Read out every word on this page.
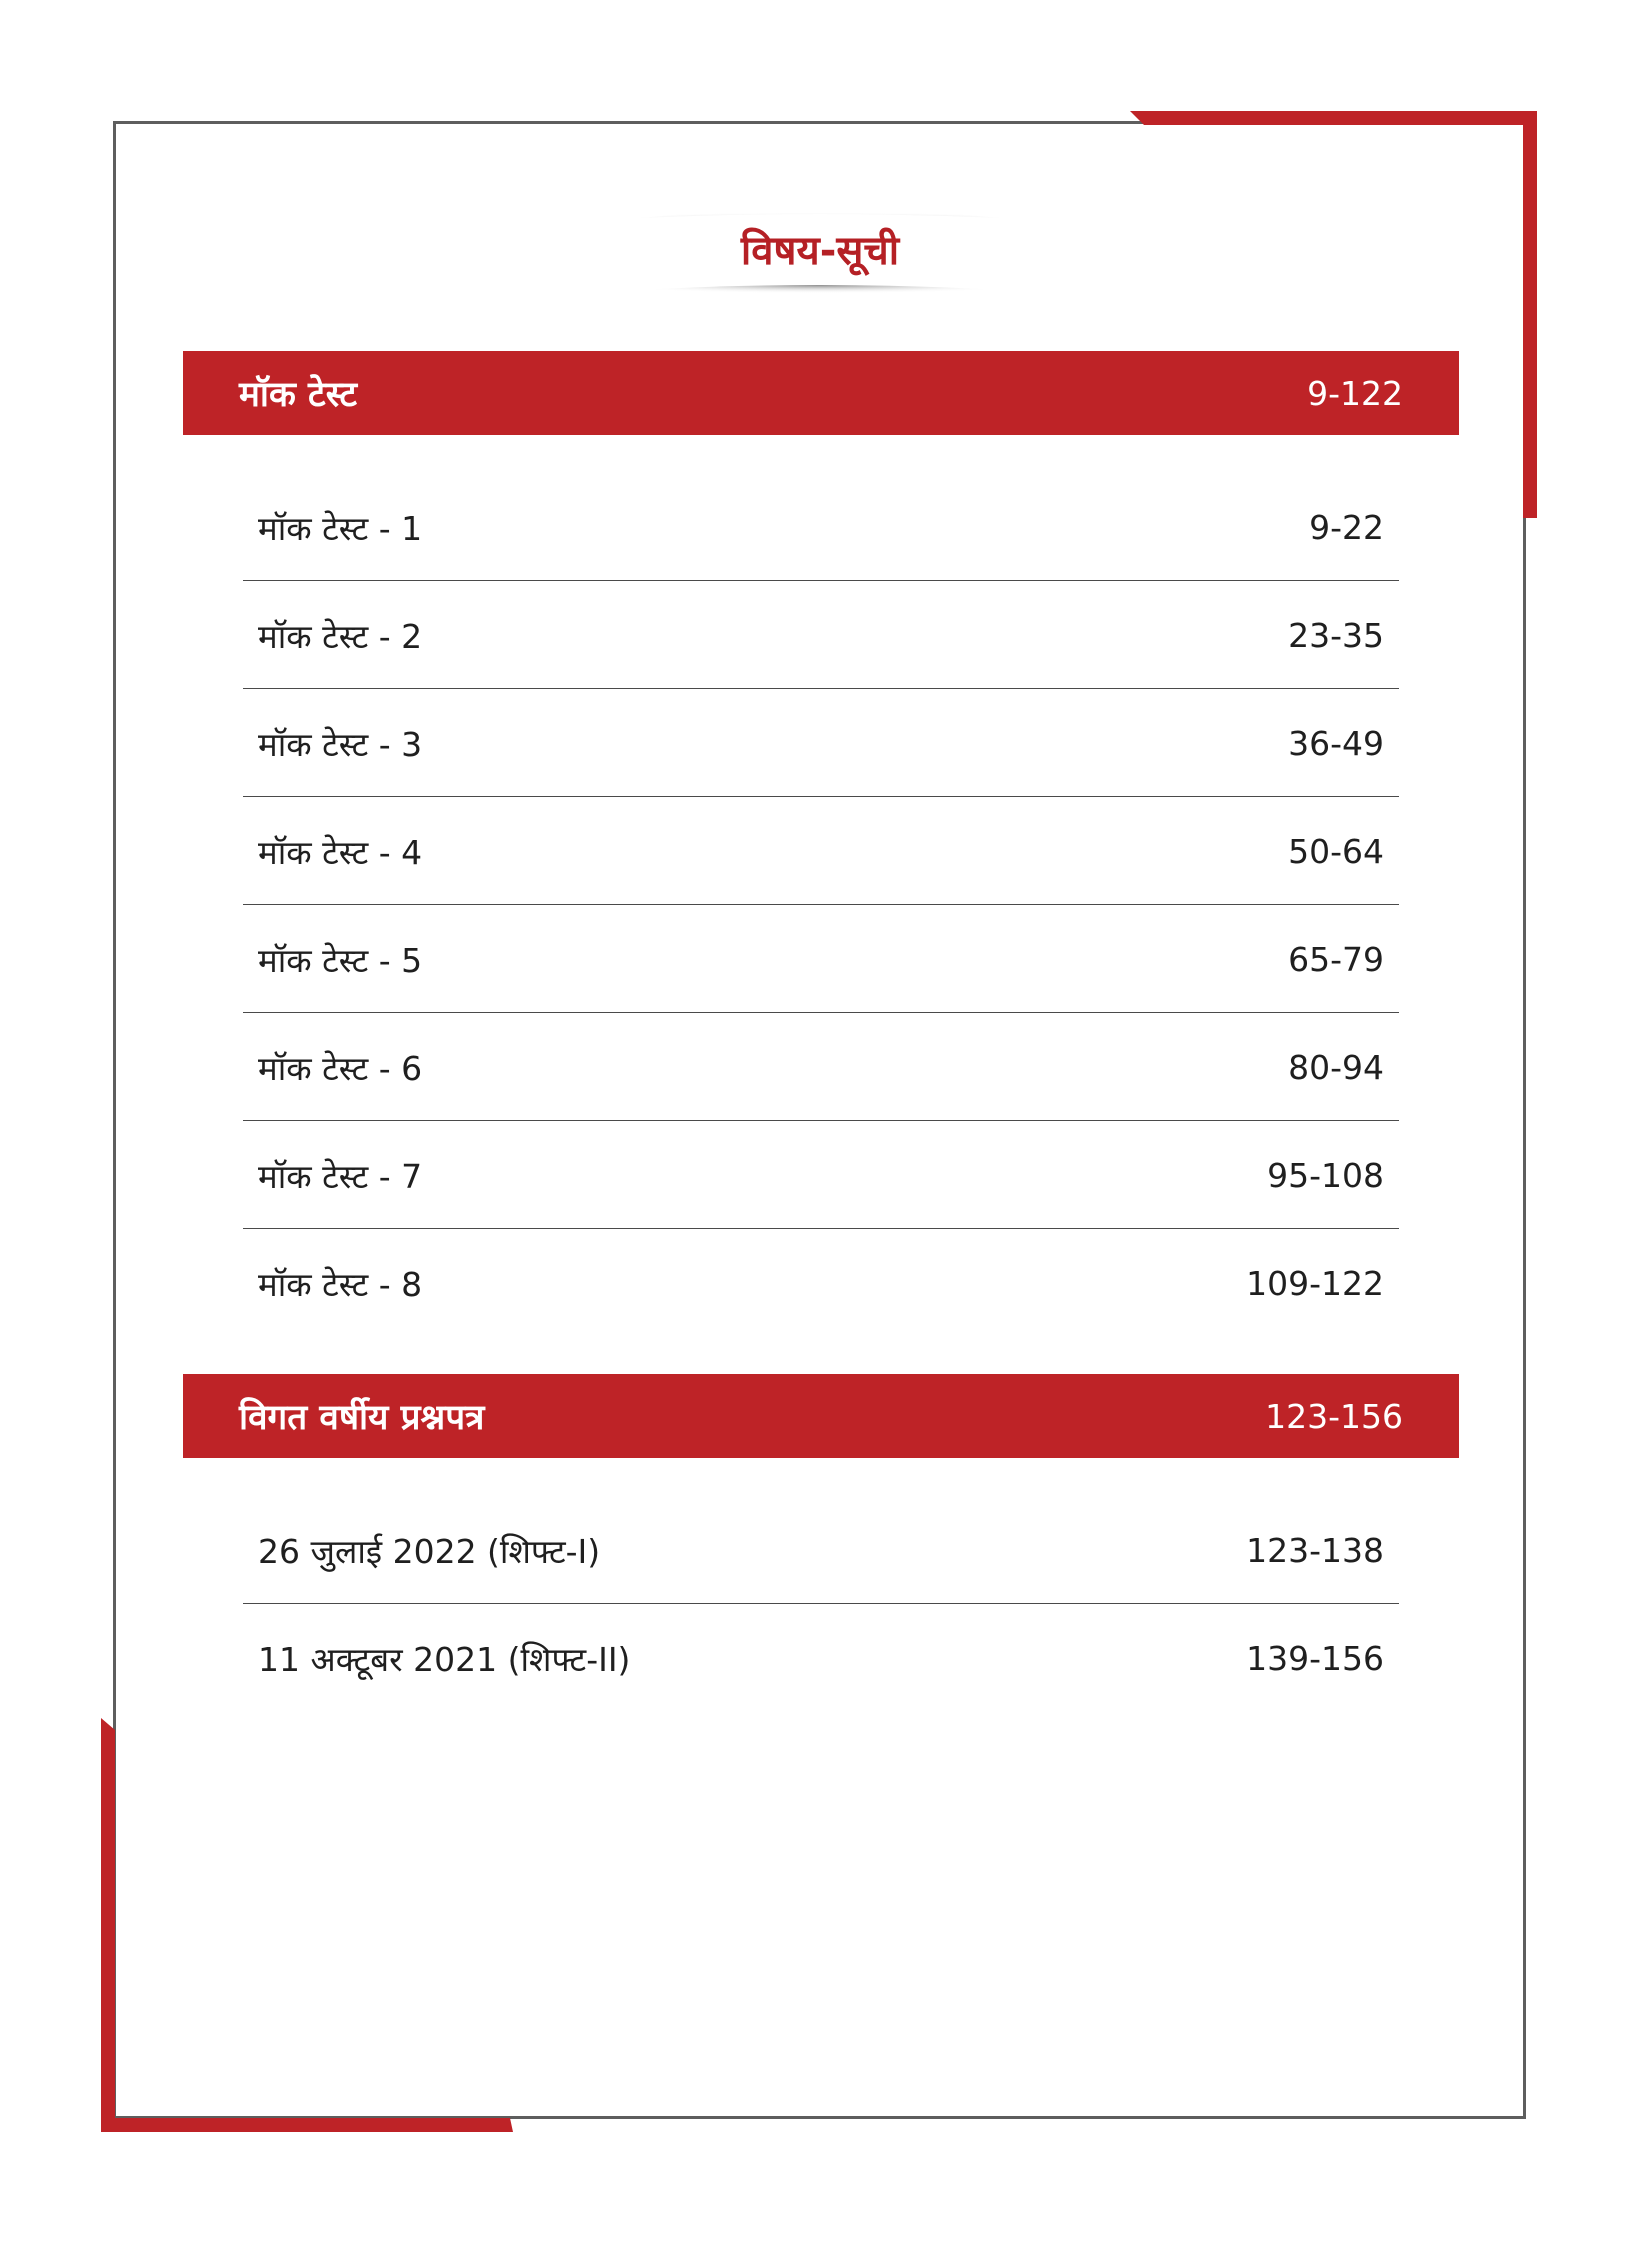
विषय-सूची
मॉक टेस्ट	9-122
मॉक टेस्ट - 1	9-22
मॉक टेस्ट - 2	23-35
मॉक टेस्ट - 3	36-49
मॉक टेस्ट - 4	50-64
मॉक टेस्ट - 5	65-79
मॉक टेस्ट - 6	80-94
मॉक टेस्ट - 7	95-108
मॉक टेस्ट - 8	109-122
विगत वर्षीय प्रश्नपत्र	123-156
26 जुलाई 2022 (शिफ्ट-I)	123-138
11 अक्टूबर 2021 (शिफ्ट-II)	139-156
